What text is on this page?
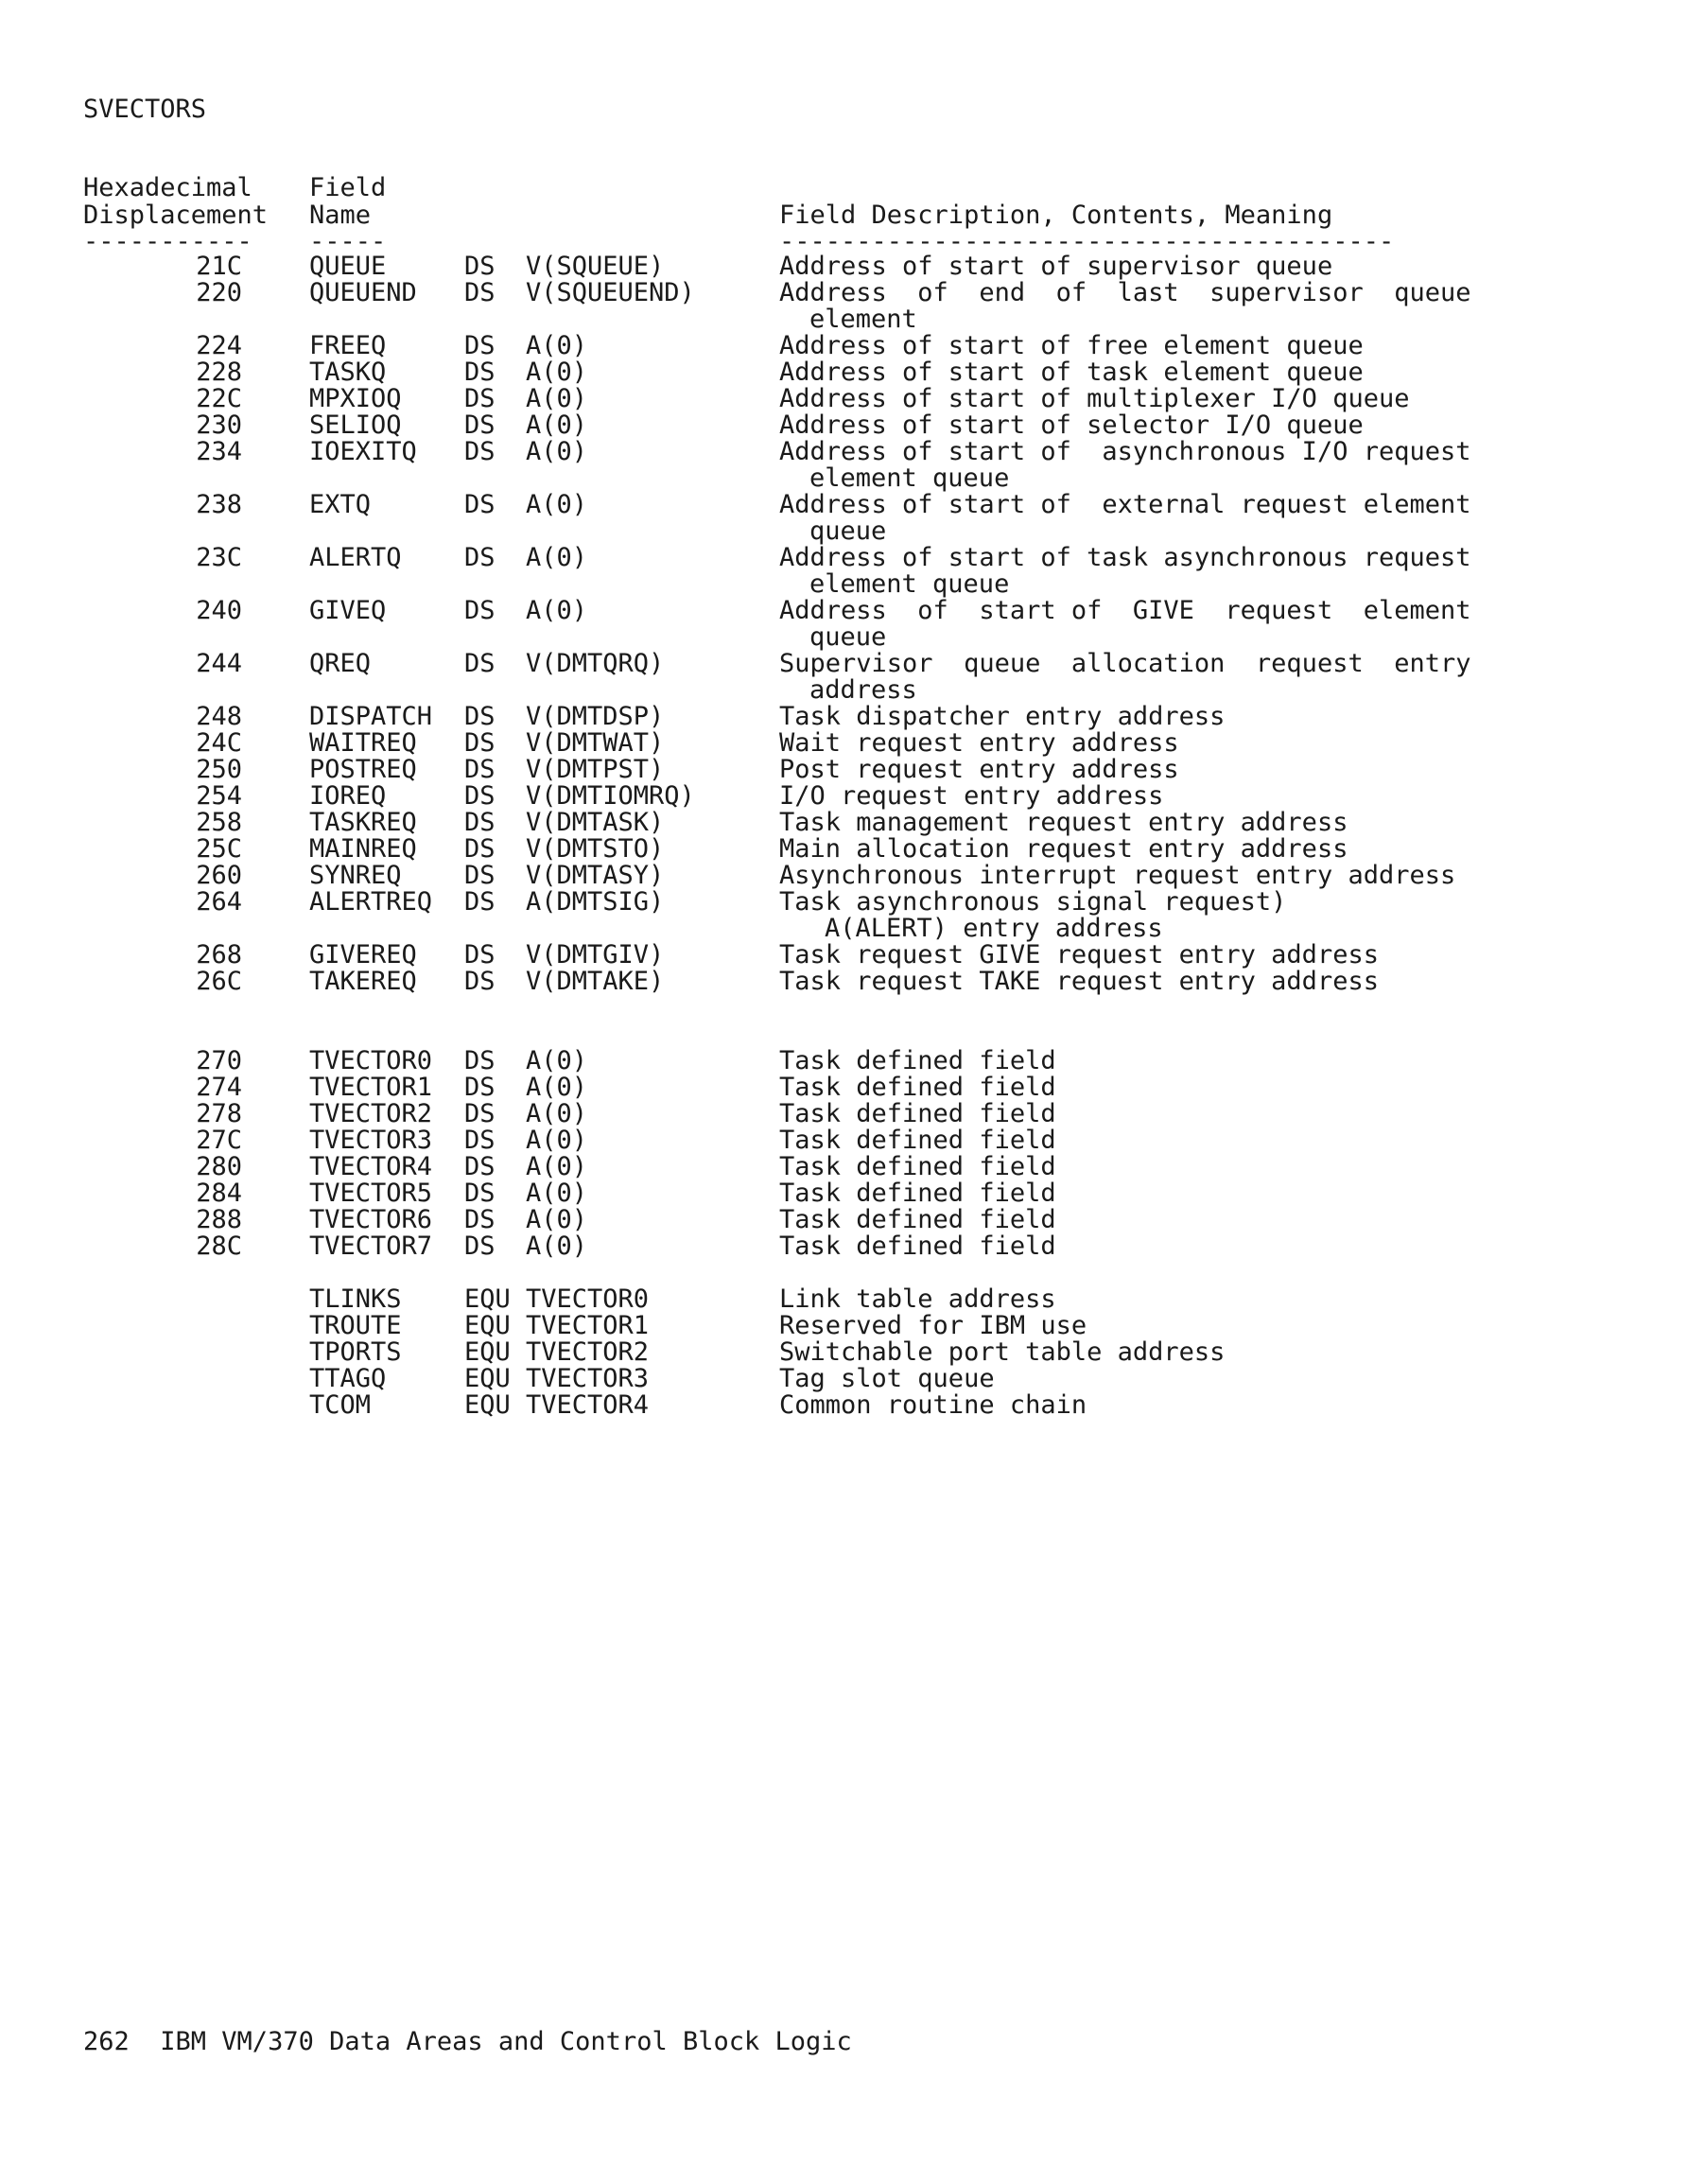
SVECTORS
Hexadecimal
Displacement
Field
Name	Field Description, Contents, Meaning
----------- -----	----------------------------------------
21C	QUEUE	DS V(SQUEUE)	Address of start of supervisor queue
220	QUEUEND DS V(SQUEUEND)	Address  of  end  of  last  supervisor  queue
element
224	FREEQ	DS A(0)	Address of start of free element queue
228	TASKQ	DS A(0)	Address of start of task element queue
22C	MPXIOQ DS A(0)	Address of start of multiplexer I/O queue
230	SELIOQ DS A(0)	Address of start of selector I/O queue
234	IOEXITQ DS A(0)	Address of start of  asynchronous I/O request
element queue
238	EXTQ	DS A(0)	Address of start of  external request element
queue
23C	ALERTQ DS A(0)	Address of start of task asynchronous request
element queue
240	GIVEQ	DS A(0)	Address  of  start of  GIVE  request  element
queue
244	QREQ	DS V(DMTQRQ)	Supervisor  queue  allocation  request  entry
address
248	DISPATCH DS V(DMTDSP)	Task dispatcher entry address
24C	WAITREQ DS V(DMTWAT)	Wait request entry address
250	POSTREQ DS V(DMTPST)	Post request entry address
254	IOREQ	DS V(DMTIOMRQ)	I/O request entry address
258	TASKREQ DS V(DMTASK)	Task management request entry address
25C	MAINREQ DS V(DMTSTO)	Main allocation request entry address
260	SYNREQ DS V(DMTASY)	Asynchronous interrupt request entry address
264	ALERTREQ DS A(DMTSIG)	Task asynchronous signal request)
A(ALERT) entry address
268	GIVEREQ DS V(DMTGIV)	Task request GIVE request entry address
26C	TAKEREQ DS V(DMTAKE)	Task request TAKE request entry address
270	TVECTOR0 DS A(0)	Task defined field
274	TVECTOR1 DS A(0)	Task defined field
278	TVECTOR2 DS A(0)	Task defined field
27C	TVECTOR3 DS A(0)	Task defined field
280	TVECTOR4 DS A(0)	Task defined field
284	TVECTOR5 DS A(0)	Task defined field
288	TVECTOR6 DS A(0)	Task defined field
28C	TVECTOR7 DS A(0)	Task defined field
TLINKS EQU TVECTOR0	Link table address
TROUTE EQU TVECTOR1	Reserved for IBM use
TPORTS EQU TVECTOR2	Switchable port table address
TTAGQ	EQU TVECTOR3	Tag slot queue
TCOM	EQU TVECTOR4	Common routine chain
262  IBM VM/370 Data Areas and Control Block Logic
